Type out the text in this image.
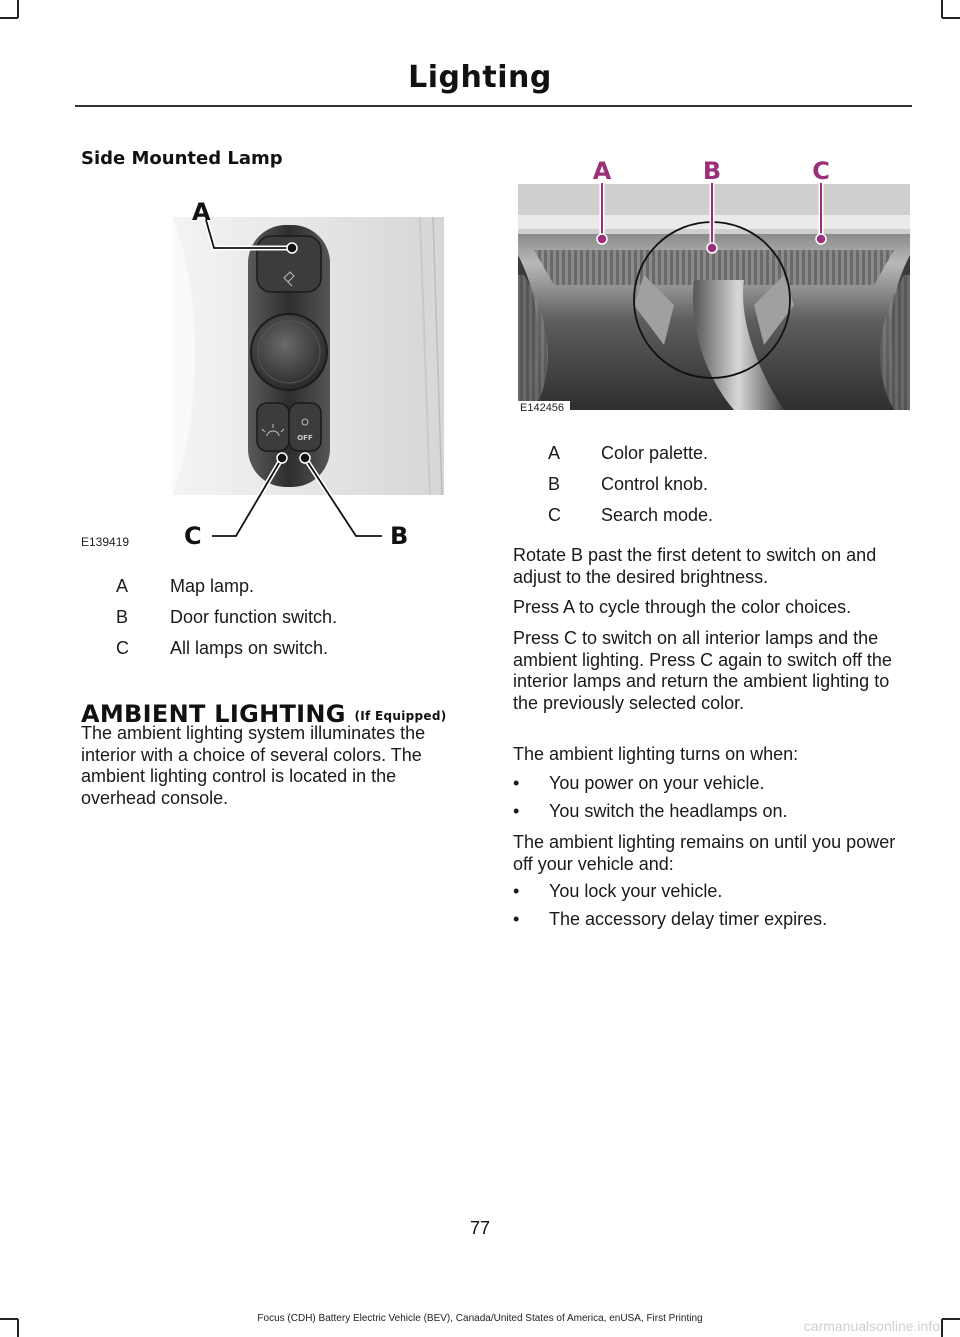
Lighting
Side Mounted Lamp
OFF
A
B
C
E139419
A Map lamp.
B Door function switch.
C All lamps on switch.
AMBIENT LIGHTING (If Equipped)

The ambient lighting system illuminates the interior with a choice of several colors. The ambient lighting control is located in the overhead console.

A	B	C
E142456
A Color palette.
B Control knob.
C Search mode.

Rotate B past the first detent to switch on and adjust to the desired brightness.

Press A to cycle through the color choices.

Press C to switch on all interior lamps and the ambient lighting. Press C again to switch off the interior lamps and return the ambient lighting to the previously selected color.

The ambient lighting turns on when:

• You power on your vehicle.
• You switch the headlamps on.

The ambient lighting remains on until you power off your vehicle and:

• You lock your vehicle.
• The accessory delay timer expires.
77
Focus (CDH) Battery Electric Vehicle (BEV), Canada/United States of America, enUSA, First Printing	carmanualsonline.info
